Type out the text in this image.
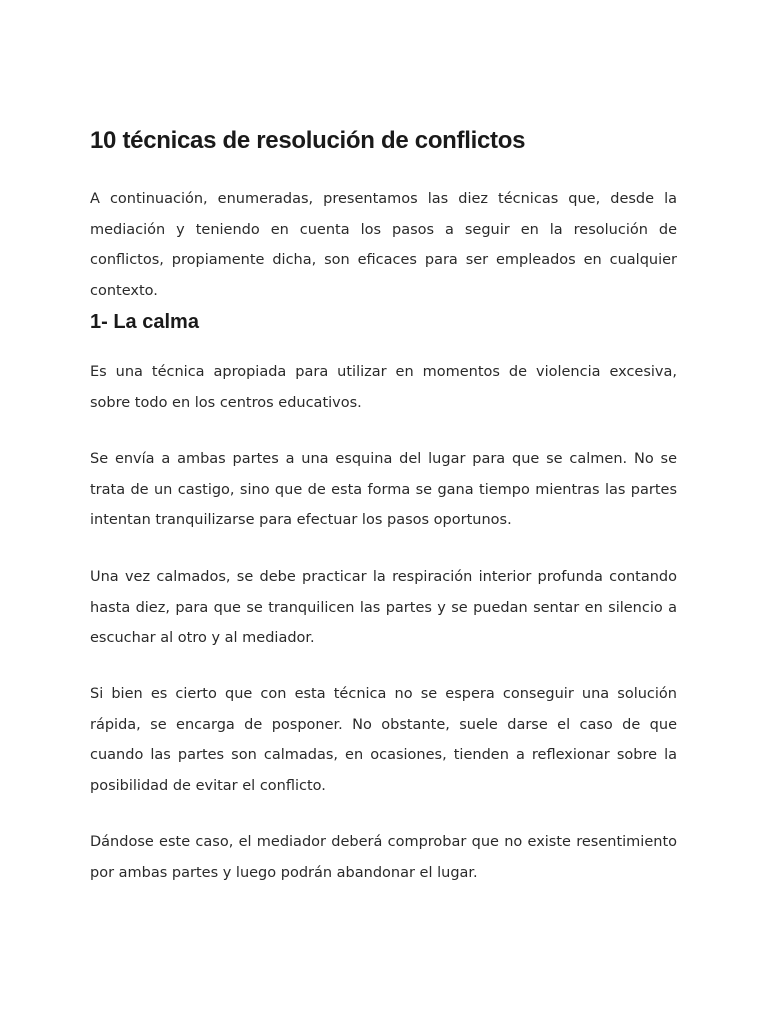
10 técnicas de resolución de conflictos

A continuación, enumeradas, presentamos las diez técnicas que, desde la mediación y teniendo en cuenta los pasos a seguir en la resolución de conflictos, propiamente dicha, son eficaces para ser empleados en cualquier contexto.

1- La calma

Es una técnica apropiada para utilizar en momentos de violencia excesiva, sobre todo en los centros educativos.

Se envía a ambas partes a una esquina del lugar para que se calmen. No se trata de un castigo, sino que de esta forma se gana tiempo mientras las partes intentan tranquilizarse para efectuar los pasos oportunos.

Una vez calmados, se debe practicar la respiración interior profunda contando hasta diez, para que se tranquilicen las partes y se puedan sentar en silencio a escuchar al otro y al mediador.

Si bien es cierto que con esta técnica no se espera conseguir una solución rápida, se encarga de posponer. No obstante, suele darse el caso de que cuando las partes son calmadas, en ocasiones, tienden a reflexionar sobre la posibilidad de evitar el conflicto.

Dándose este caso, el mediador deberá comprobar que no existe resentimiento por ambas partes y luego podrán abandonar el lugar.
